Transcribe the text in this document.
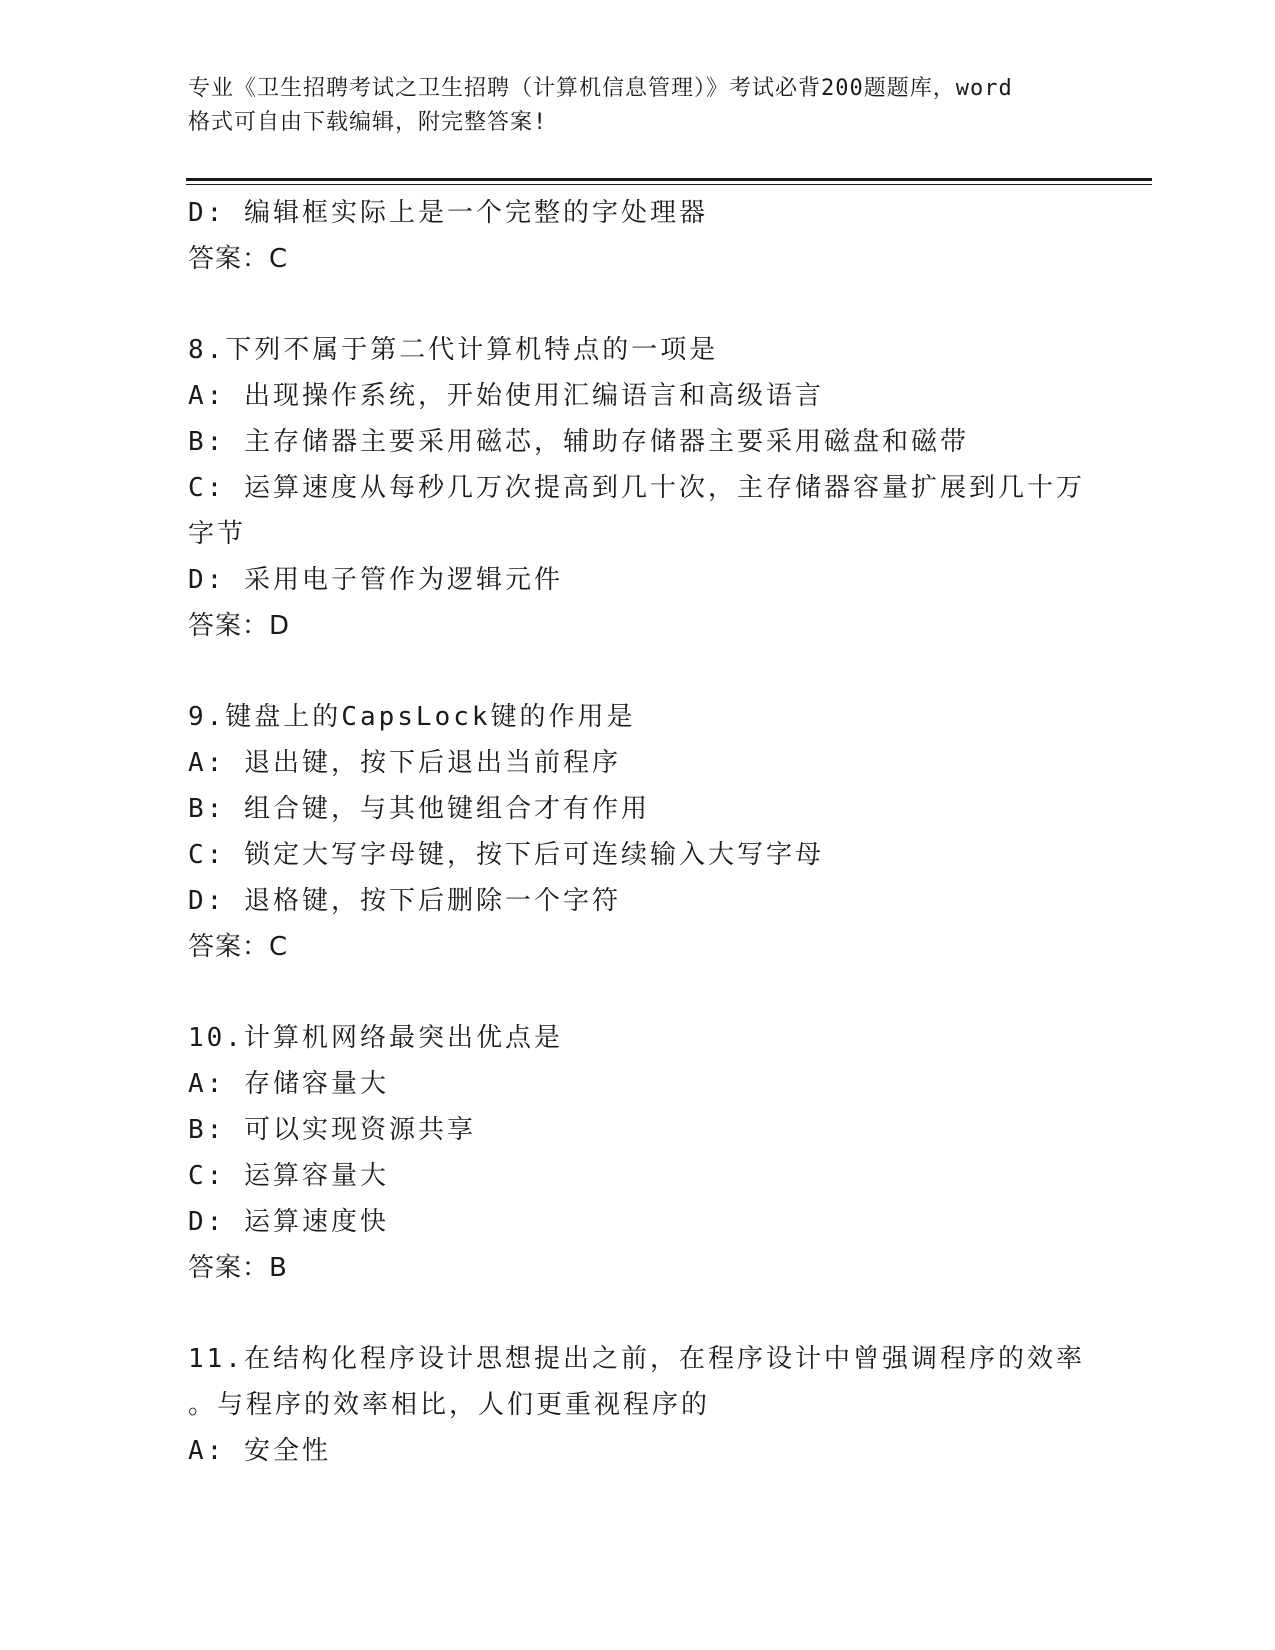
专业《卫生招聘考试之卫生招聘（计算机信息管理）》考试必背200题题库，word
格式可自由下载编辑，附完整答案!
D: 编辑框实际上是一个完整的字处理器
答案：C
8.下列不属于第二代计算机特点的一项是
A: 出现操作系统，开始使用汇编语言和高级语言
B: 主存储器主要采用磁芯，辅助存储器主要采用磁盘和磁带
C: 运算速度从每秒几万次提高到几十次，主存储器容量扩展到几十万
字节
D: 采用电子管作为逻辑元件
答案：D
9.键盘上的CapsLock键的作用是
A: 退出键，按下后退出当前程序
B: 组合键，与其他键组合才有作用
C: 锁定大写字母键，按下后可连续输入大写字母
D: 退格键，按下后删除一个字符
答案：C
10.计算机网络最突出优点是
A: 存储容量大
B: 可以实现资源共享
C: 运算容量大
D: 运算速度快
答案：B
11.在结构化程序设计思想提出之前，在程序设计中曾强调程序的效率
。与程序的效率相比，人们更重视程序的
A: 安全性
